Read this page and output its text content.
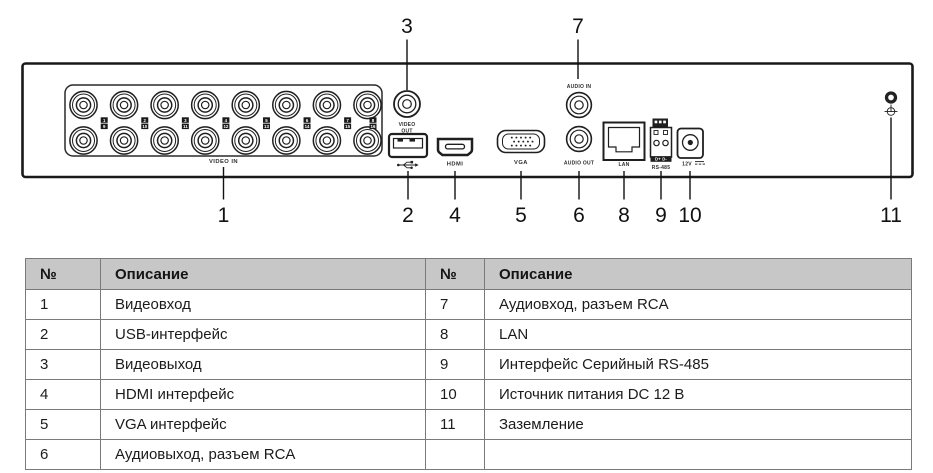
1
9
2
10
3
11
4
12
5
13
6
14
7
15
8
16
VIDEO IN
VIDEO
OUT
HDMI	VGA
AUDIO IN
AUDIO OUT	LAN
D+ D-
RS-485
12V
1	2
3
4	5 6
7
8 9 10	11
№	Описание	№	Описание
1	Видеовход	7	Аудиовход, разъем RCA
2	USB-интерфейс	8	LAN
3	Видеовыход	9	Интерфейс Серийный RS-485
4	HDMI интерфейс	10	Источник питания DC 12 В
5	VGA интерфейс	11	Заземление
6	Аудиовыход, разъем RCA		
